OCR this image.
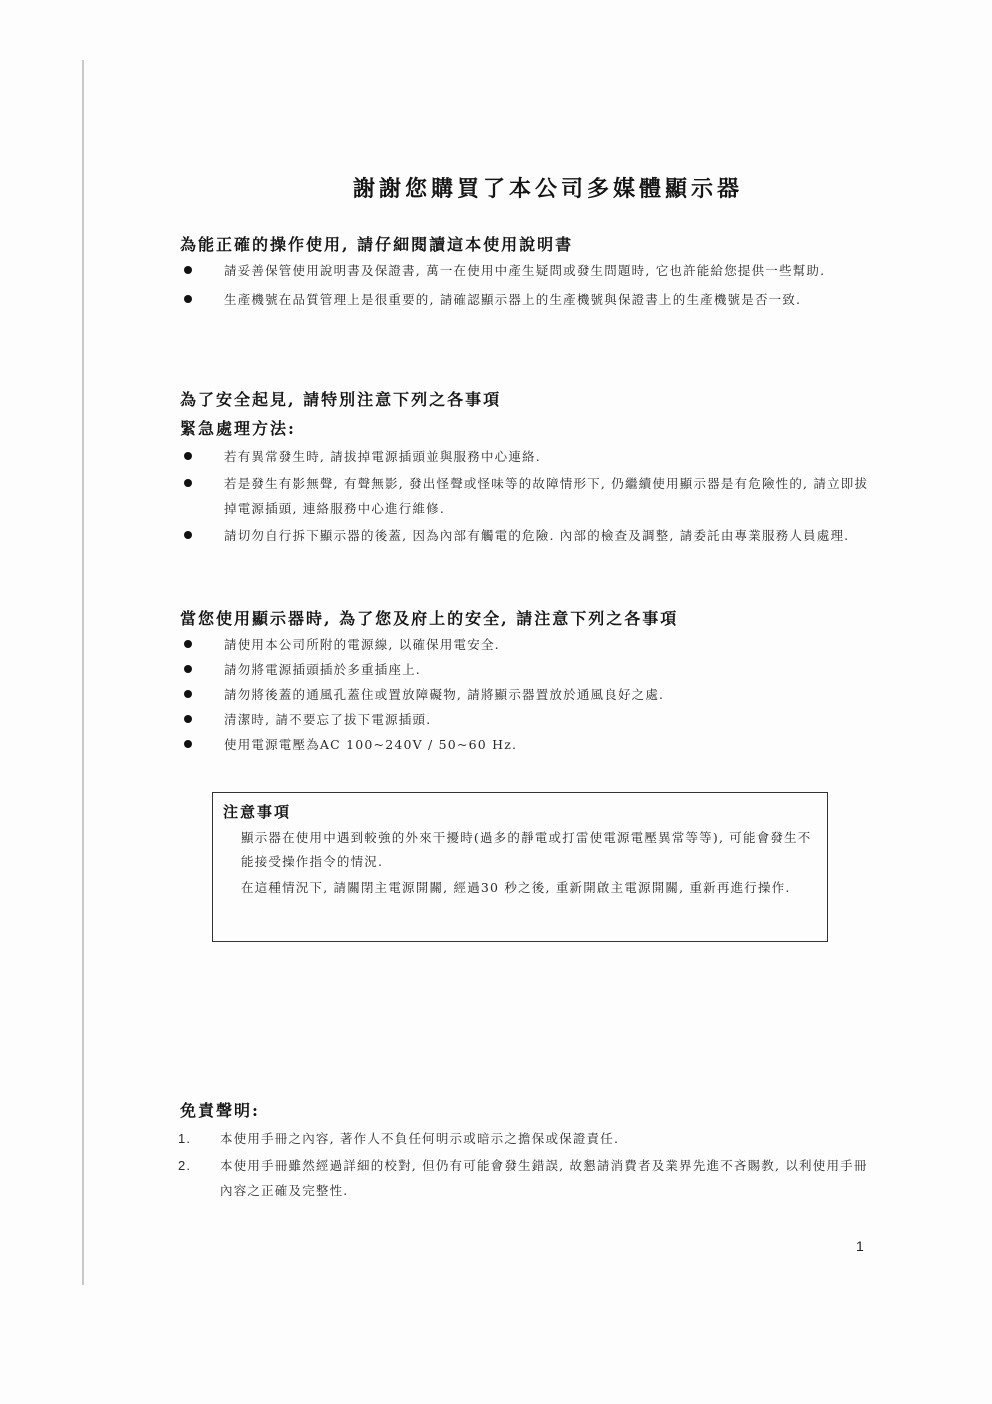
謝謝您購買了本公司多媒體顯示器
為能正確的操作使用, 請仔細閱讀這本使用說明書
請妥善保管使用說明書及保證書, 萬一在使用中產生疑問或發生問題時, 它也許能給您提供一些幫助.
生產機號在品質管理上是很重要的, 請確認顯示器上的生產機號與保證書上的生產機號是否一致.
為了安全起見, 請特別注意下列之各事項
緊急處理方法:
若有異常發生時, 請拔掉電源插頭並與服務中心連絡.
若是發生有影無聲, 有聲無影, 發出怪聲或怪味等的故障情形下, 仍繼續使用顯示器是有危險性的, 請立即拔掉電源插頭, 連絡服務中心進行維修.
請切勿自行拆下顯示器的後蓋, 因為內部有觸電的危險. 內部的檢查及調整, 請委託由專業服務人員處理.
當您使用顯示器時, 為了您及府上的安全, 請注意下列之各事項
請使用本公司所附的電源線, 以確保用電安全.
請勿將電源插頭插於多重插座上.
請勿將後蓋的通風孔蓋住或置放障礙物, 請將顯示器置放於通風良好之處.
清潔時, 請不要忘了拔下電源插頭.
使用電源電壓為AC 100~240V / 50~60 Hz.
注意事項

顯示器在使用中遇到較強的外來干擾時(過多的靜電或打雷使電源電壓異常等等), 可能會發生不能接受操作指令的情況.

在這種情況下, 請關閉主電源開關, 經過30 秒之後, 重新開啟主電源開關, 重新再進行操作.

免責聲明:
1. 本使用手冊之內容, 著作人不負任何明示或暗示之擔保或保證責任.
2. 本使用手冊雖然經過詳細的校對, 但仍有可能會發生錯誤, 故懇請消費者及業界先進不吝賜教, 以利使用手冊內容之正確及完整性.
1
